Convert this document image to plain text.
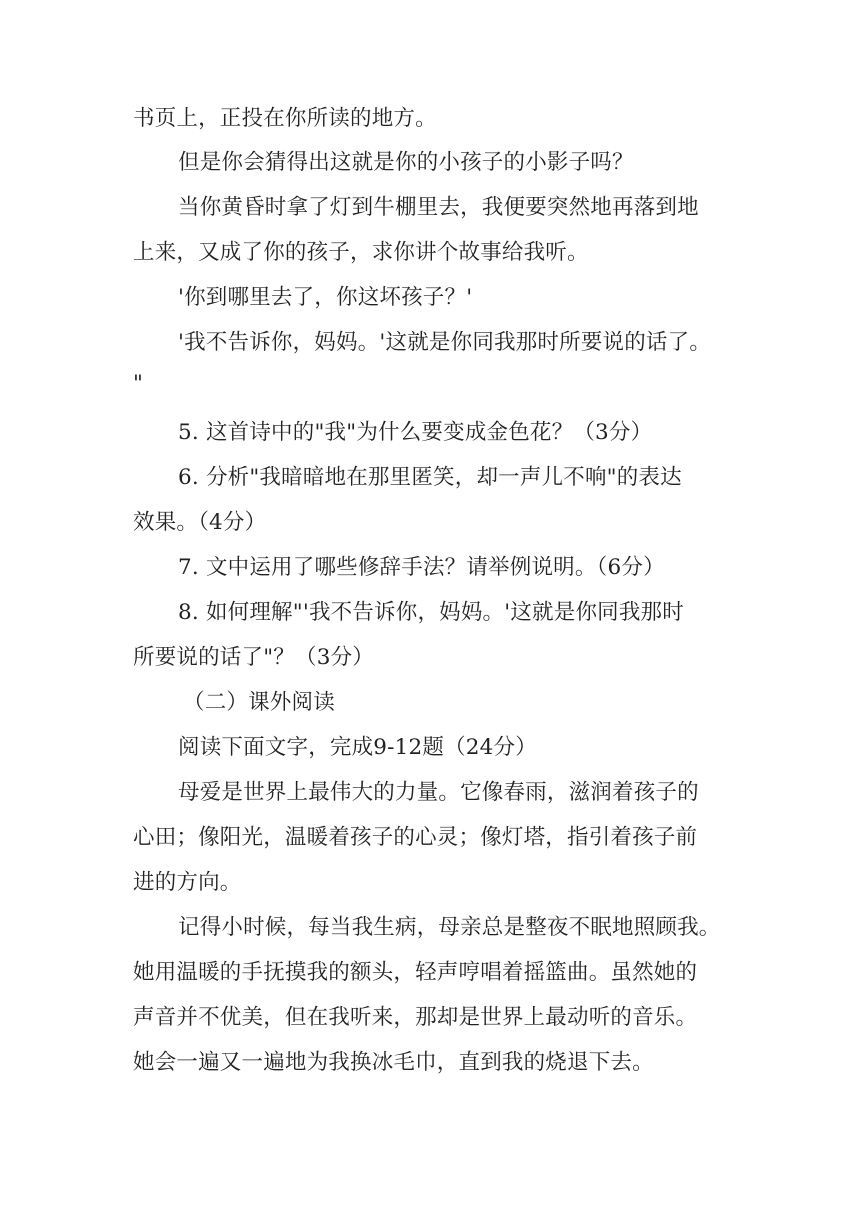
书页上，正投在你所读的地方。
但是你会猜得出这就是你的小孩子的小影子吗？
当你黄昏时拿了灯到牛棚里去，我便要突然地再落到地
上来，又成了你的孩子，求你讲个故事给我听。
'你到哪里去了，你这坏孩子？'
'我不告诉你，妈妈。'这就是你同我那时所要说的话了。
"
5. 这首诗中的"我"为什么要变成金色花？（3分）
6. 分析"我暗暗地在那里匿笑，却一声儿不响"的表达
效果。（4分）
7. 文中运用了哪些修辞手法？请举例说明。（6分）
8. 如何理解"'我不告诉你，妈妈。'这就是你同我那时
所要说的话了"？（3分）
（二）课外阅读
阅读下面文字，完成9-12题（24分）
母爱是世界上最伟大的力量。它像春雨，滋润着孩子的
心田；像阳光，温暖着孩子的心灵；像灯塔，指引着孩子前
进的方向。
记得小时候，每当我生病，母亲总是整夜不眠地照顾我。
她用温暖的手抚摸我的额头，轻声哼唱着摇篮曲。虽然她的
声音并不优美，但在我听来，那却是世界上最动听的音乐。
她会一遍又一遍地为我换冰毛巾，直到我的烧退下去。
